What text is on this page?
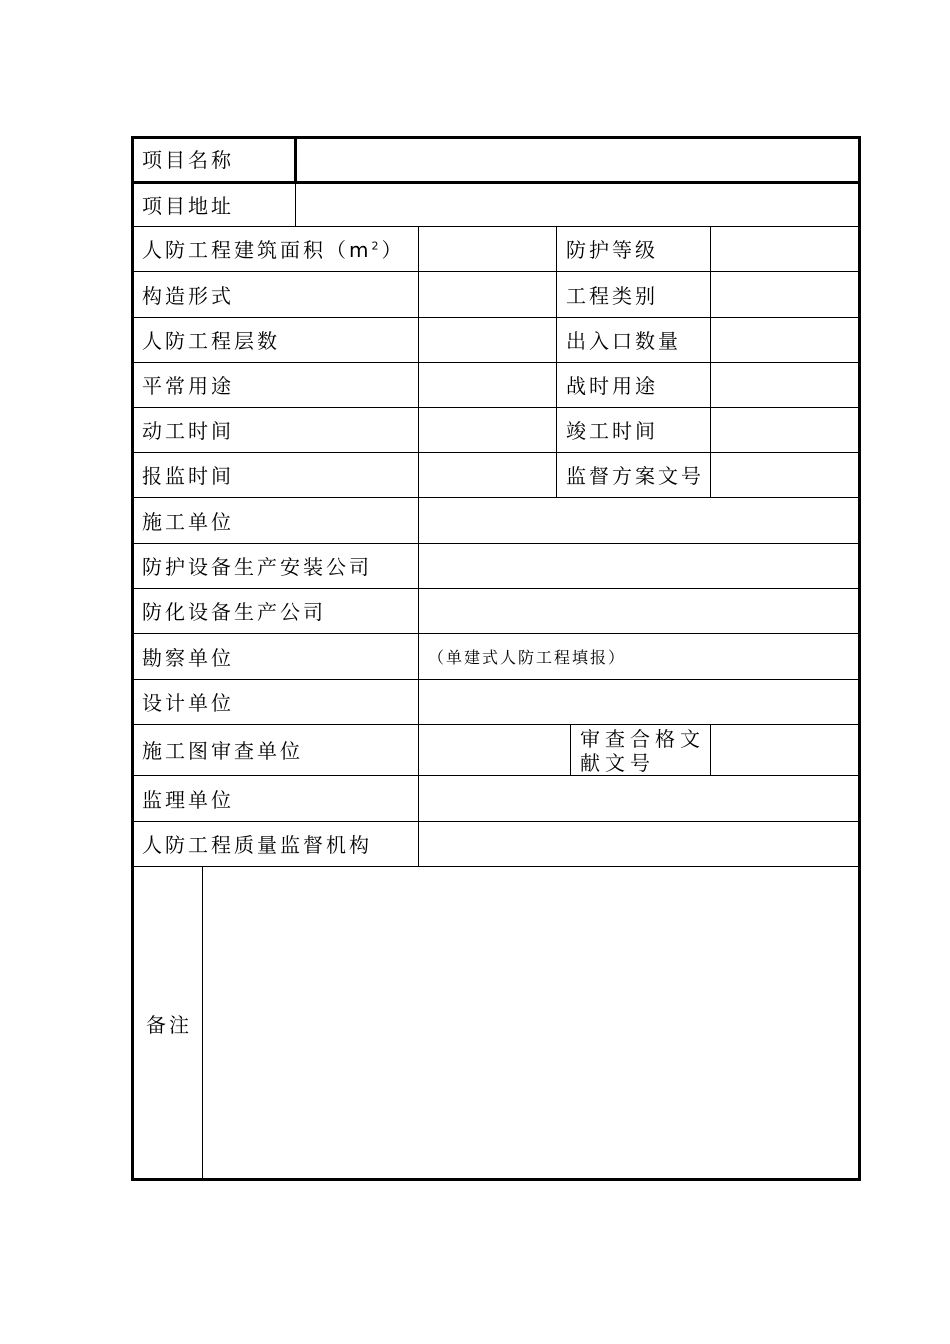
项目名称
项目地址
人防工程建筑面积$(m^2)$	防护等级
构造形式	工程类别
人防工程层数	出入口数量
平常用途	战时用途
动工时间	竣工时间
报监时间	监督方案文号
施工单位
防护设备生产安装公司
防化设备生产公司
勘察单位	（单建式人防工程填报）
设计单位
施工图审查单位	审查合格文献文号
监理单位
人防工程质量监督机构
备注
